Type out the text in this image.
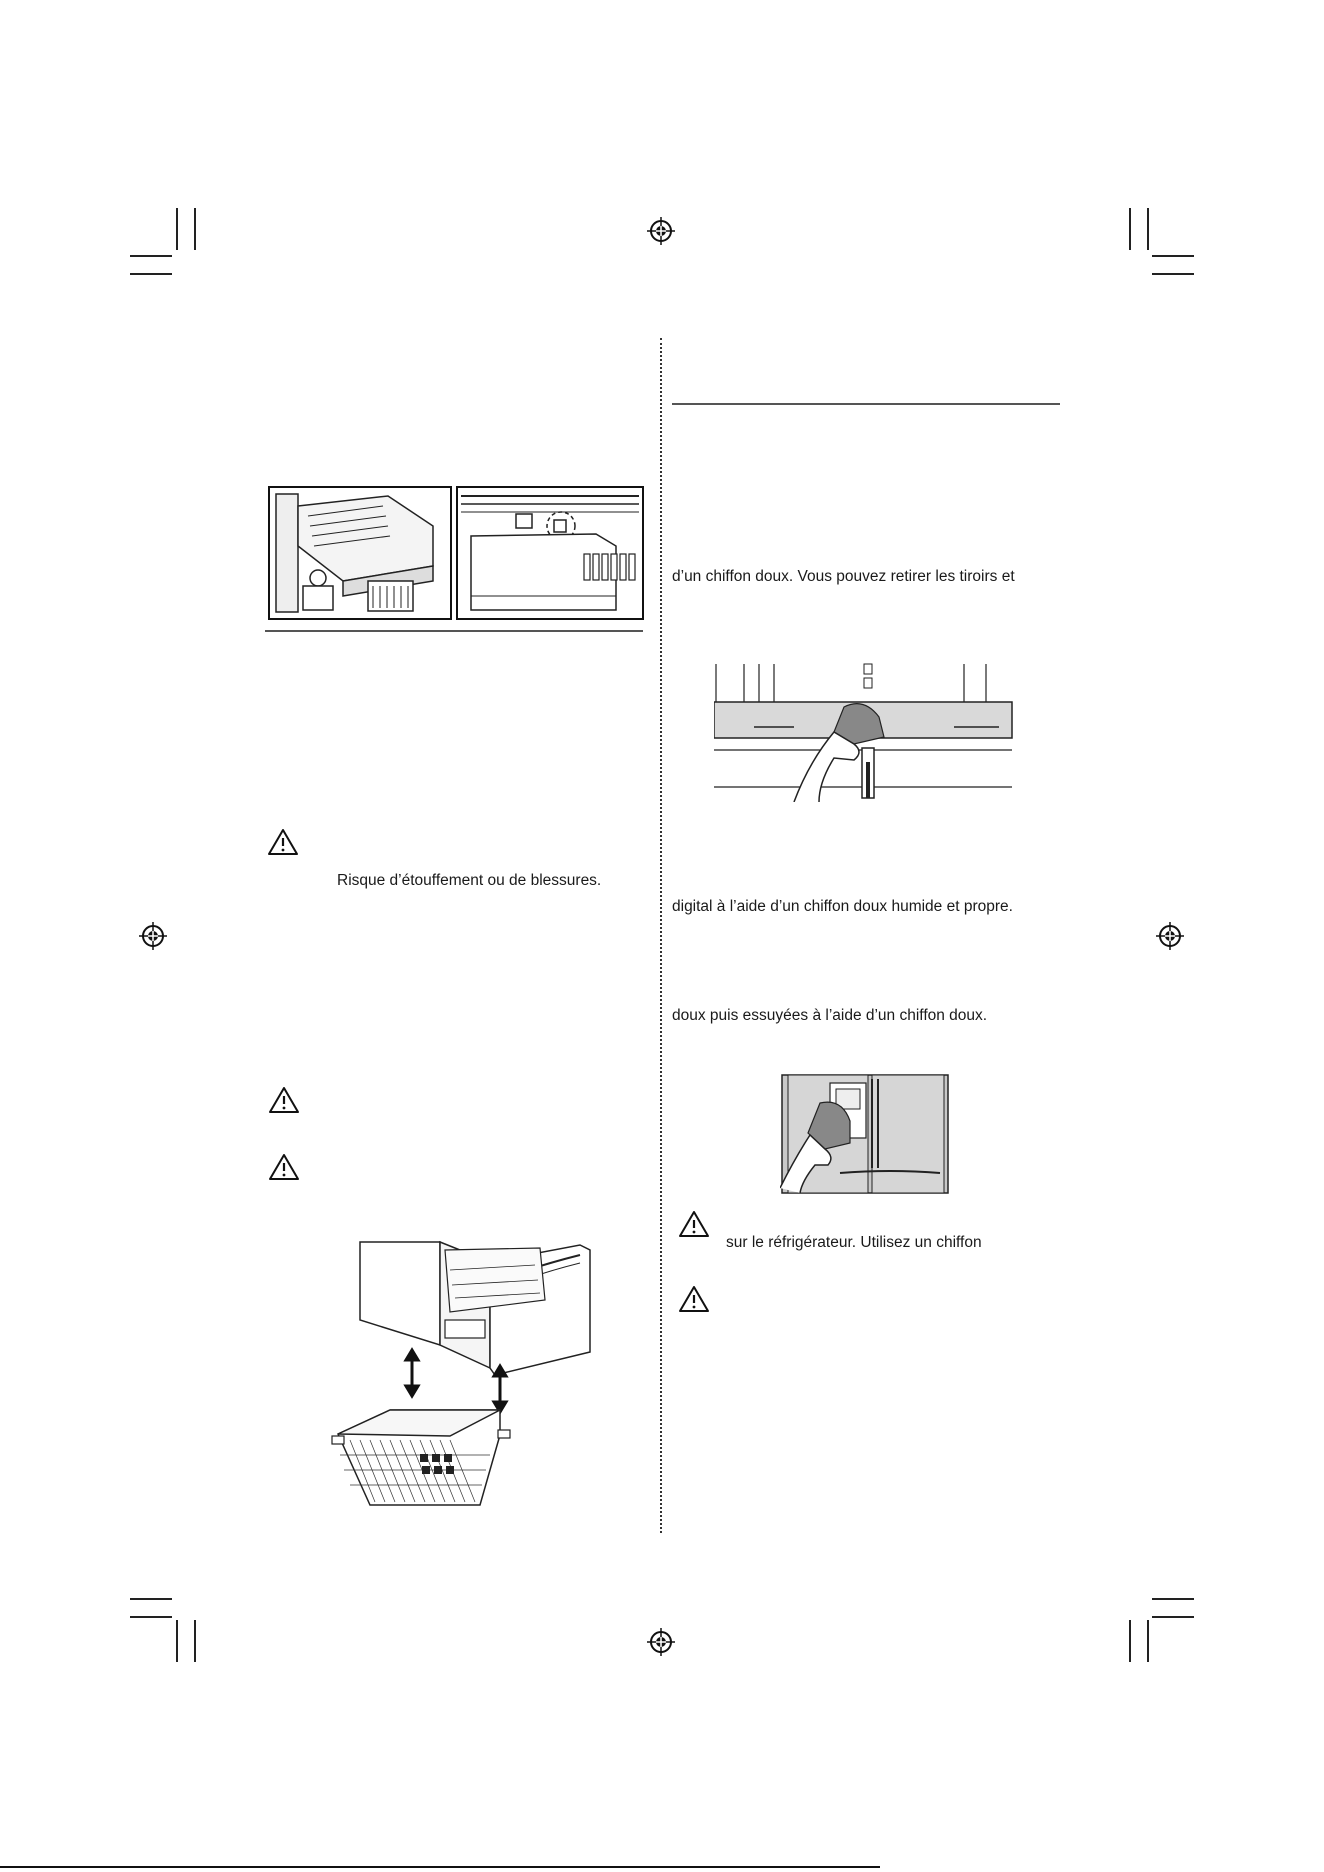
Risque d’étouffement ou de blessures.
d’un chiffon doux. Vous pouvez retirer les tiroirs et
digital à l’aide d’un chiffon doux humide et propre.
doux puis essuyées à l’aide d’un chiffon doux.
sur le réfrigérateur. Utilisez un chiffon
